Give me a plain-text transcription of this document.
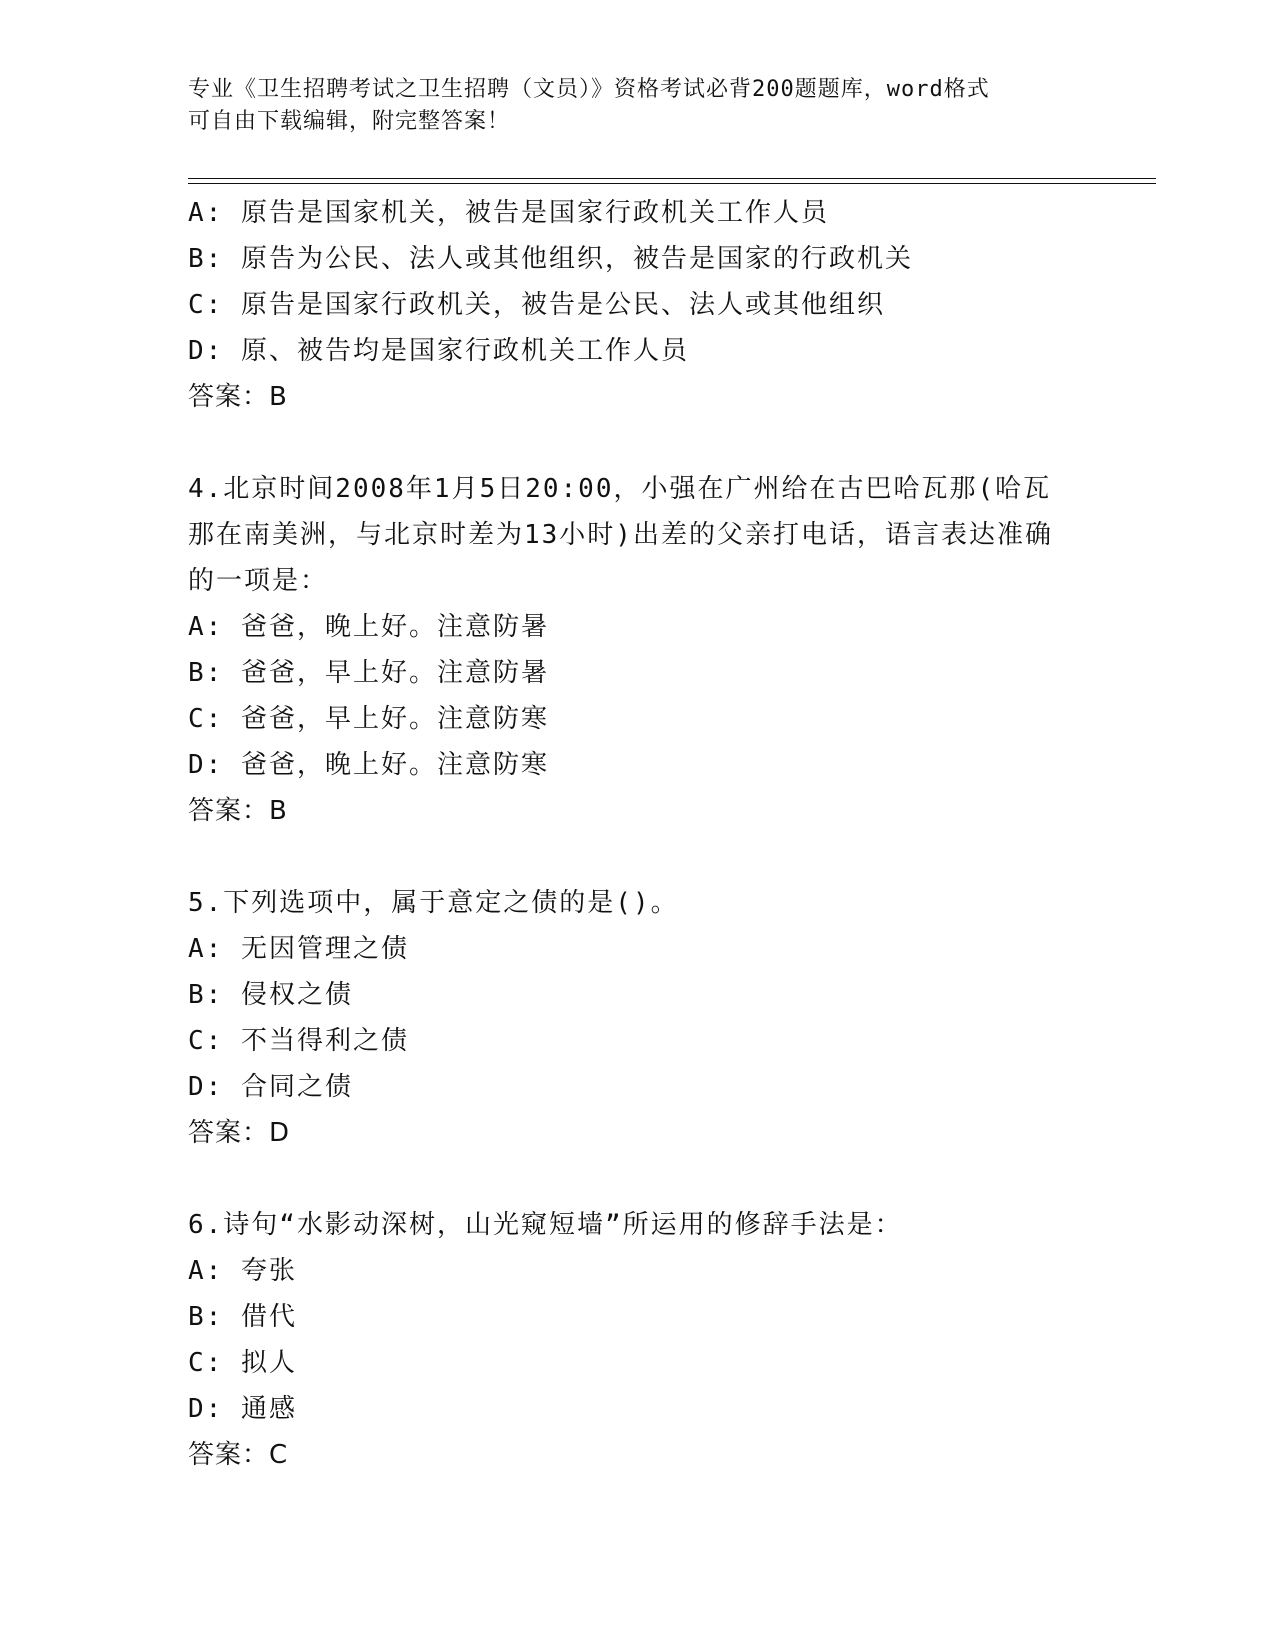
专业《卫生招聘考试之卫生招聘（文员）》资格考试必背200题题库，word格式
可自由下载编辑，附完整答案！
A: 原告是国家机关，被告是国家行政机关工作人员
B: 原告为公民、法人或其他组织，被告是国家的行政机关
C: 原告是国家行政机关，被告是公民、法人或其他组织
D: 原、被告均是国家行政机关工作人员
答案：B
4.北京时间2008年1月5日20:00，小强在广州给在古巴哈瓦那(哈瓦那在南美洲，与北京时差为13小时)出差的父亲打电话，语言表达准确的一项是：
A: 爸爸，晚上好。注意防暑
B: 爸爸，早上好。注意防暑
C: 爸爸，早上好。注意防寒
D: 爸爸，晚上好。注意防寒
答案：B
5.下列选项中，属于意定之债的是()。
A: 无因管理之债
B: 侵权之债
C: 不当得利之债
D: 合同之债
答案：D
6.诗句“水影动深树，山光窥短墙”所运用的修辞手法是：
A: 夸张
B: 借代
C: 拟人
D: 通感
答案：C
